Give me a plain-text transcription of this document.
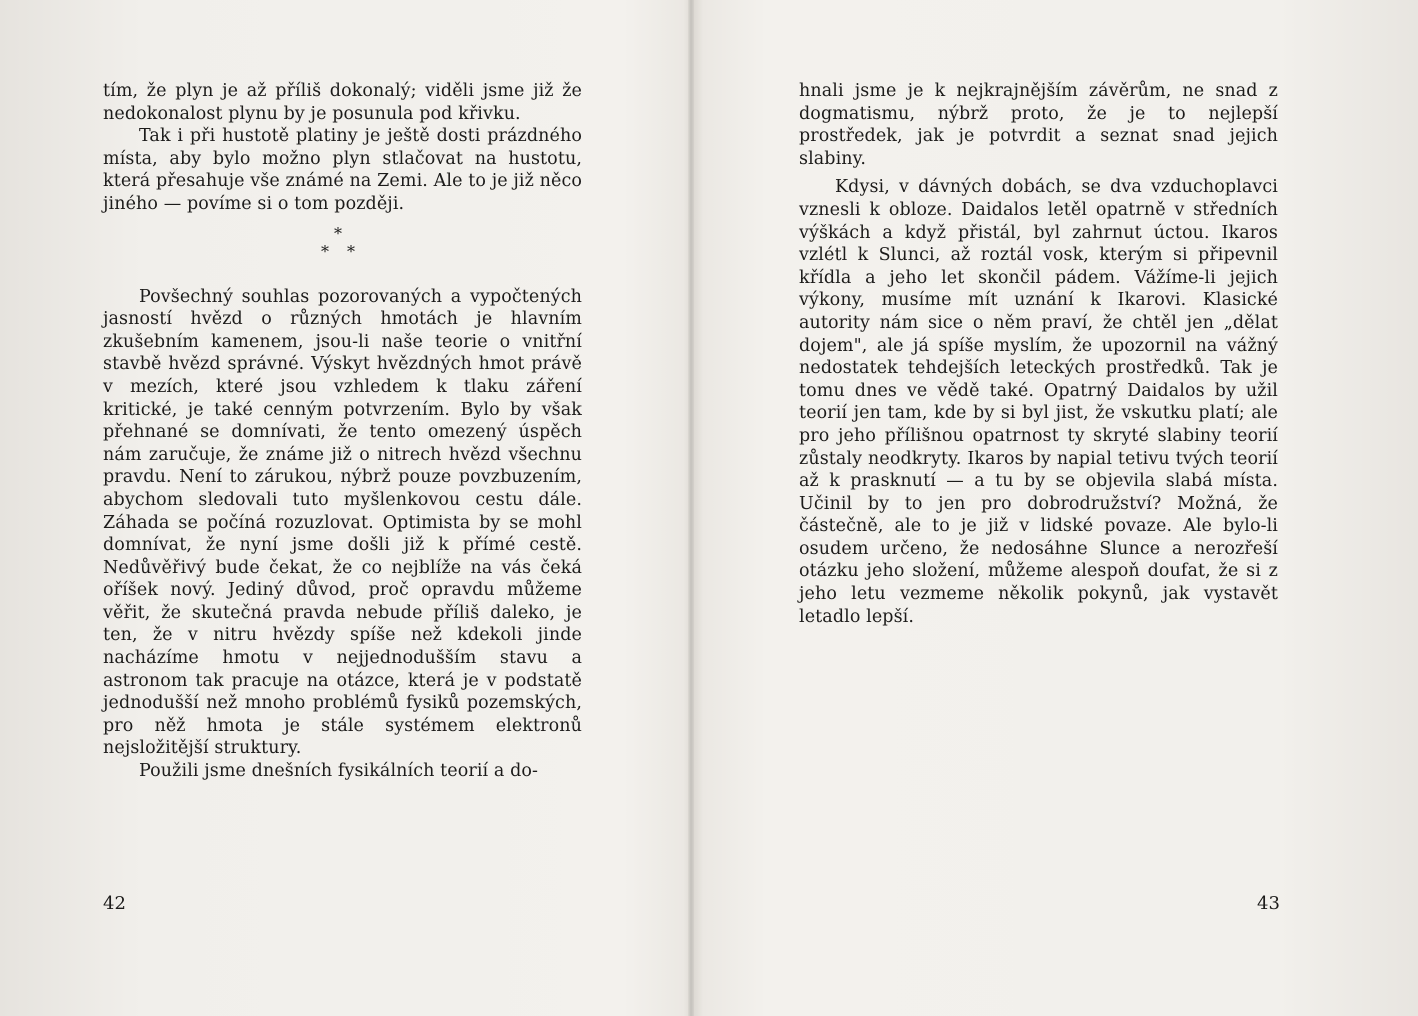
tím, že plyn je až příliš dokonalý; viděli jsme již že nedokonalost plynu by je posunula pod křivku.

Tak i při hustotě platiny je ještě dosti prázdného místa, aby bylo možno plyn stlačovat na hustotu, která přesahuje vše známé na Zemi. Ale to je již něco jiného — povíme si o tom později.

*
* *

Povšechný souhlas pozorovaných a vypočtených jasností hvězd o různých hmotách je hlavním zkušebním kamenem, jsou-li naše teorie o vnitřní stavbě hvězd správné. Výskyt hvězdných hmot právě v mezích, které jsou vzhledem k tlaku záření kritické, je také cenným potvrzením. Bylo by však přehnané se domnívati, že tento omezený úspěch nám zaručuje, že známe již o nitrech hvězd všechnu pravdu. Není to zárukou, nýbrž pouze povzbuzením, abychom sledovali tuto myšlenkovou cestu dále. Záhada se počíná rozuzlovat. Optimista by se mohl domnívat, že nyní jsme došli již k přímé cestě. Nedůvěřivý bude čekat, že co nejblíže na vás čeká oříšek nový. Jediný důvod, proč opravdu můžeme věřit, že skutečná pravda nebude příliš daleko, je ten, že v nitru hvězdy spíše než kdekoli jinde nacházíme hmotu v nejjednodušším stavu a astronom tak pracuje na otázce, která je v podstatě jednodušší než mnoho problémů fysiků pozemských, pro něž hmota je stále systémem elektronů nejsložitější struktury.

Použili jsme dnešních fysikálních teorií a do-

42

hnali jsme je k nejkrajnějším závěrům, ne snad z dogmatismu, nýbrž proto, že je to nejlepší prostředek, jak je potvrdit a seznat snad jejich slabiny.

Kdysi, v dávných dobách, se dva vzduchoplavci vznesli k obloze. Daidalos letěl opatrně v středních výškách a když přistál, byl zahrnut úctou. Ikaros vzlétl k Slunci, až roztál vosk, kterým si připevnil křídla a jeho let skončil pádem. Vážíme-li jejich výkony, musíme mít uznání k Ikarovi. Klasické autority nám sice o něm praví, že chtěl jen „dělat dojem", ale já spíše myslím, že upozornil na vážný nedostatek tehdejších leteckých prostředků. Tak je tomu dnes ve vědě také. Opatrný Daidalos by užil teorií jen tam, kde by si byl jist, že vskutku platí; ale pro jeho přílišnou opatrnost ty skryté slabiny teorií zůstaly neodkryty. Ikaros by napial tetivu tvých teorií až k prasknutí — a tu by se objevila slabá místa. Učinil by to jen pro dobrodružství? Možná, že částečně, ale to je již v lidské povaze. Ale bylo-li osudem určeno, že nedosáhne Slunce a nerozřeší otázku jeho složení, můžeme alespoň doufat, že si z jeho letu vezmeme několik pokynů, jak vystavět letadlo lepší.

43
